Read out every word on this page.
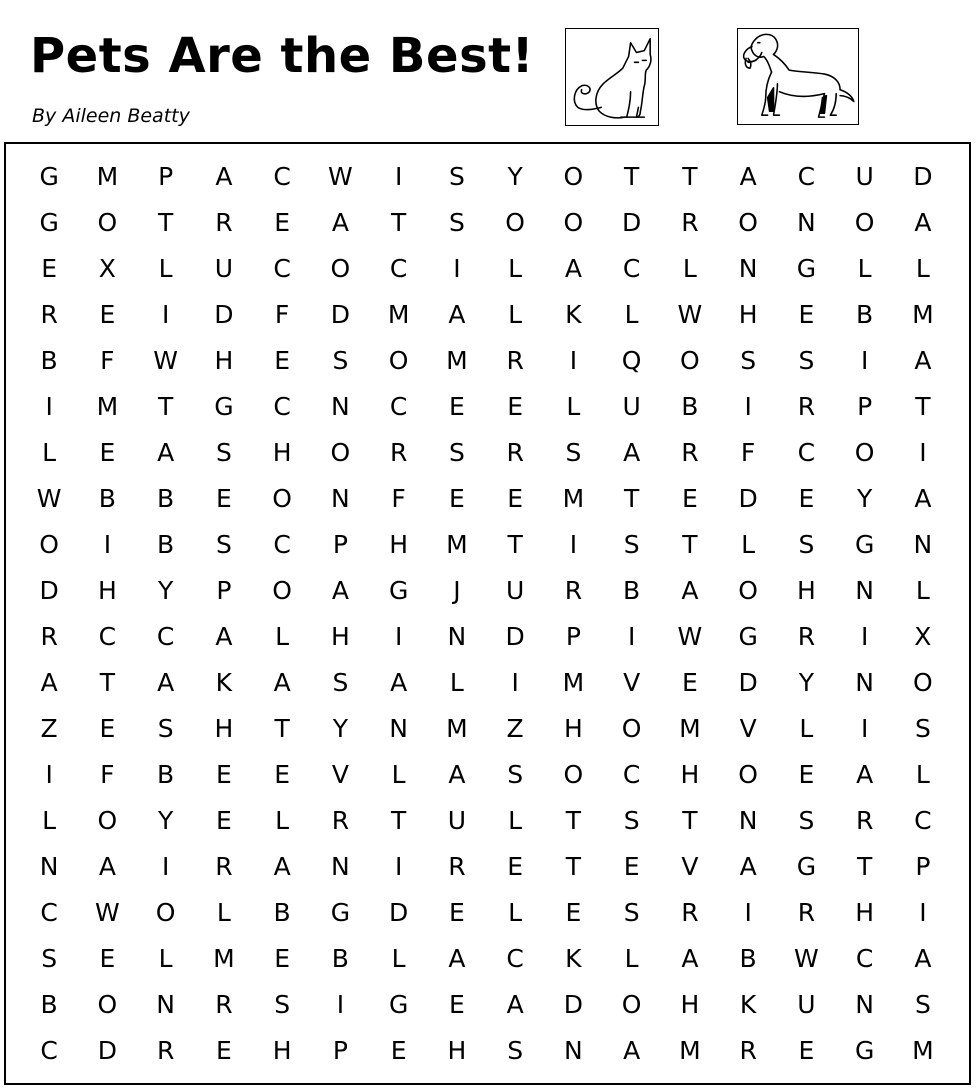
Pets Are the Best!
By Aileen Beatty
G	M	P	A	C	W	I	S	Y	O	T	T	A	C	U	D
G	O	T	R	E	A	T	S	O	O	D	R	O	N	O	A
E	X	L	U	C	O	C	I	L	A	C	L	N	G	L	L
R	E	I	D	F	D	M	A	L	K	L	W	H	E	B	M
B	F	W	H	E	S	O	M	R	I	Q	O	S	S	I	A
I	M	T	G	C	N	C	E	E	L	U	B	I	R	P	T
L	E	A	S	H	O	R	S	R	S	A	R	F	C	O	I
W	B	B	E	O	N	F	E	E	M	T	E	D	E	Y	A
O	I	B	S	C	P	H	M	T	I	S	T	L	S	G	N
D	H	Y	P	O	A	G	J	U	R	B	A	O	H	N	L
R	C	C	A	L	H	I	N	D	P	I	W	G	R	I	X
A	T	A	K	A	S	A	L	I	M	V	E	D	Y	N	O
Z	E	S	H	T	Y	N	M	Z	H	O	M	V	L	I	S
I	F	B	E	E	V	L	A	S	O	C	H	O	E	A	L
L	O	Y	E	L	R	T	U	L	T	S	T	N	S	R	C
N	A	I	R	A	N	I	R	E	T	E	V	A	G	T	P
C	W	O	L	B	G	D	E	L	E	S	R	I	R	H	I
S	E	L	M	E	B	L	A	C	K	L	A	B	W	C	A
B	O	N	R	S	I	G	E	A	D	O	H	K	U	N	S
C	D	R	E	H	P	E	H	S	N	A	M	R	E	G	M
